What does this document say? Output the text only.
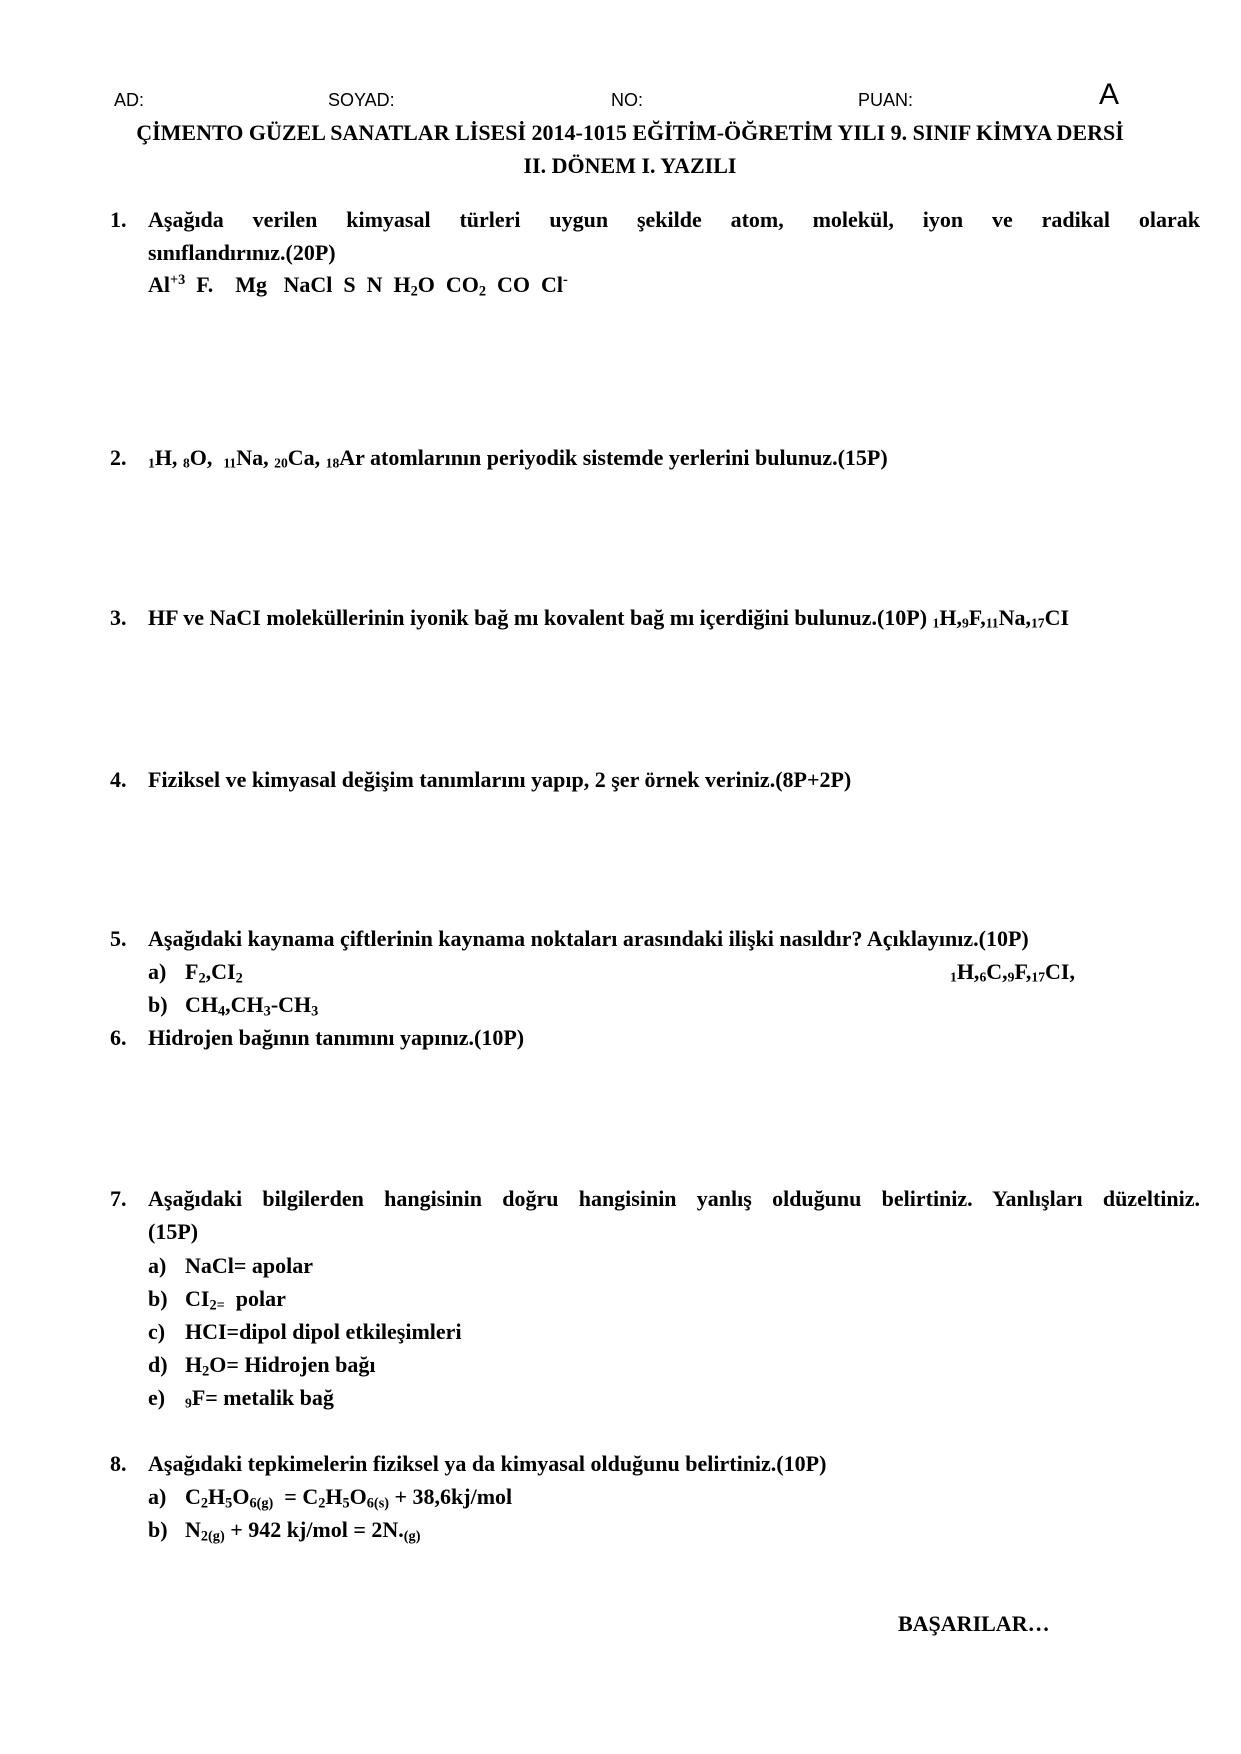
AD:	SOYAD:	NO:	PUAN:	A
ÇİMENTO GÜZEL SANATLAR LİSESİ 2014-1015 EĞİTİM-ÖĞRETİM YILI 9. SINIF KİMYA DERSİ
II. DÖNEM I. YAZILI
1. Aşağıda verilen kimyasal türleri uygun şekilde atom, molekül, iyon ve radikal olarak
sınıflandırınız.(20P)
$Al^{+3}$  F.    Mg   NaCl  S  N  $H_2O$  $CO_2$  CO  Cl-
2.	1H, 8O,  11Na, 20Ca, 18Ar atomlarının periyodik sistemde yerlerini bulunuz.(15P)
3. HF ve NaCI moleküllerinin iyonik bağ mı kovalent bağ mı içerdiğini bulunuz.(10P) 1H,9F,11Na,17CI
4. Fiziksel ve kimyasal değişim tanımlarını yapıp, 2 şer örnek veriniz.(8P+2P)
5. Aşağıdaki kaynama çiftlerinin kaynama noktaları arasındaki ilişki nasıldır? Açıklayınız.(10P)
a) $F_2,CI_2$	1H,6C,9F,17CI,
b) $CH_4,CH_3-CH_3$
6. Hidrojen bağının tanımını yapınız.(10P)
7. Aşağıdaki bilgilerden hangisinin doğru hangisinin yanlış olduğunu belirtiniz. Yanlışları düzeltiniz.
(15P)
a) NaCl= apolar
b) $CI_{2=}$  polar
c) HCI=dipol dipol etkileşimleri
d) $H_2O=$ Hidrojen bağı
e) 9F= metalik bağ
8. Aşağıdaki tepkimelerin fiziksel ya da kimyasal olduğunu belirtiniz.(10P)
a) $C_2H_5O_{6(g)} = C_2H_5O_{6(s)} + 38,6kj/mol$
b) $N_{2(g)} + 942$ $kj/mol = 2N._{(g)}$
BAŞARILAR…
